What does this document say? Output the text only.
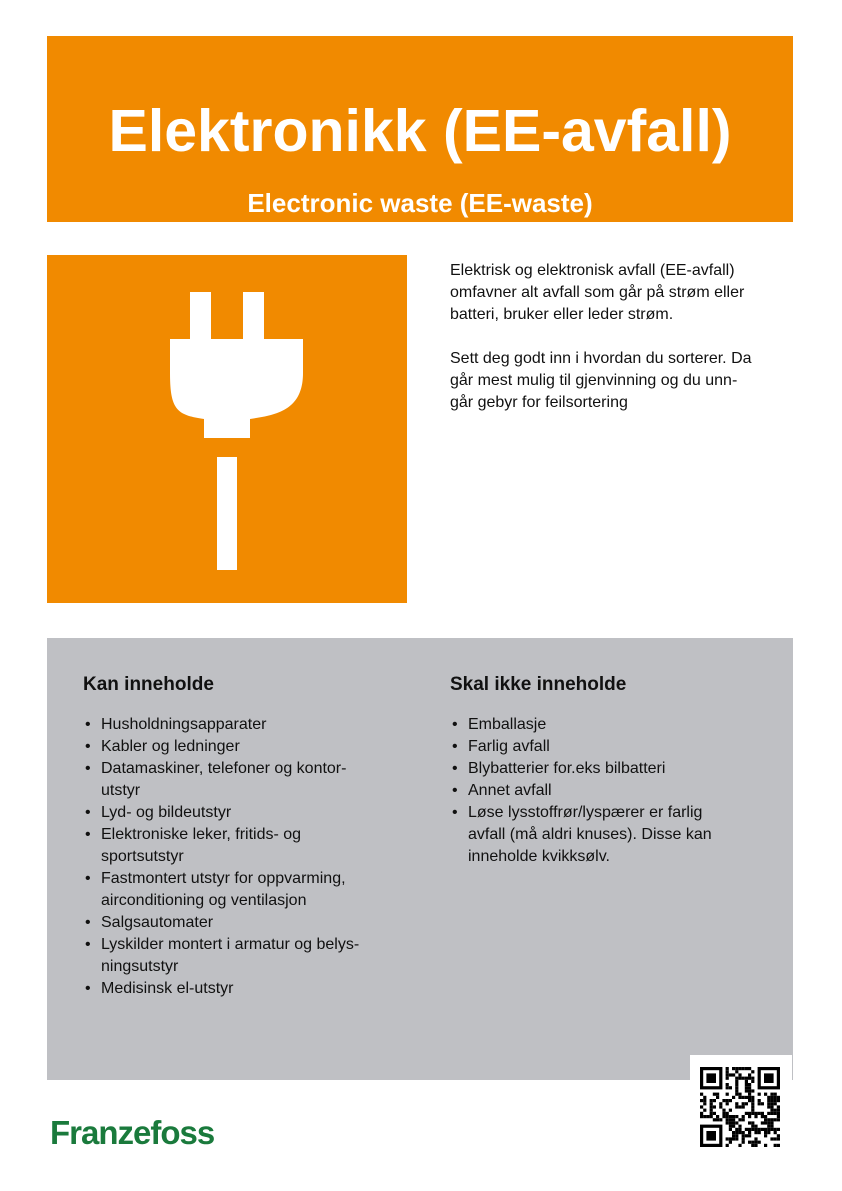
Elektronikk (EE-avfall)
Electronic waste (EE-waste)

Elektrisk og elektronisk avfall (EE-avfall)
omfavner alt avfall som går på strøm eller
batteri, bruker eller leder strøm.

Sett deg godt inn i hvordan du sorterer. Da
går mest mulig til gjenvinning og du unn-
går gebyr for feilsortering

Kan inneholde
• Husholdningsapparater
• Kabler og ledninger
• Datamaskiner, telefoner og kontor-
utstyr
• Lyd- og bildeutstyr
• Elektroniske leker, fritids- og
sportsutstyr
• Fastmontert utstyr for oppvarming,
airconditioning og ventilasjon
• Salgsautomater
• Lyskilder montert i armatur og belys-
ningsutstyr
• Medisinsk el-utstyr
Skal ikke inneholde
• Emballasje
• Farlig avfall
• Blybatterier for.eks bilbatteri
• Annet avfall
• Løse lysstoffrør/lyspærer er farlig
avfall (må aldri knuses). Disse kan
inneholde kvikksølv.
Franzefoss
